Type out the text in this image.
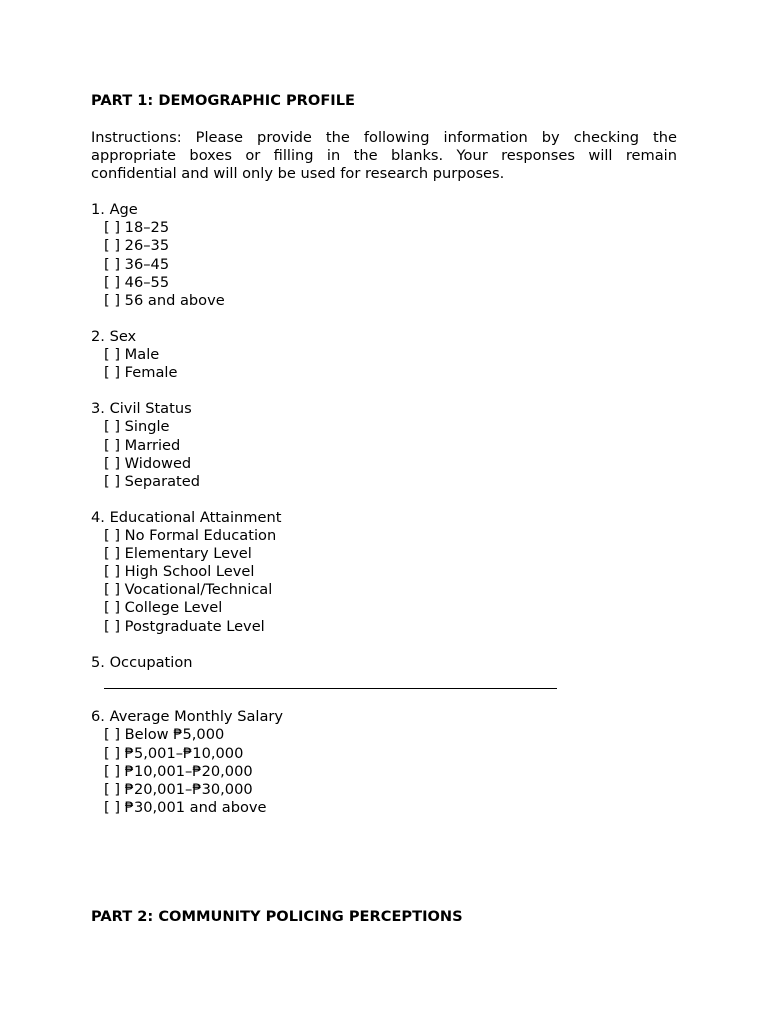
PART 1: DEMOGRAPHIC PROFILE
Instructions: Please provide the following information by checking the
appropriate boxes or filling in the blanks. Your responses will remain
confidential and will only be used for research purposes.
1. Age
[ ] 18–25
[ ] 26–35
[ ] 36–45
[ ] 46–55
[ ] 56 and above
2. Sex
[ ] Male
[ ] Female
3. Civil Status
[ ] Single
[ ] Married
[ ] Widowed
[ ] Separated
4. Educational Attainment
[ ] No Formal Education
[ ] Elementary Level
[ ] High School Level
[ ] Vocational/Technical
[ ] College Level
[ ] Postgraduate Level
5. Occupation
6. Average Monthly Salary
[ ] Below ₱5,000
[ ] ₱5,001–₱10,000
[ ] ₱10,001–₱20,000
[ ] ₱20,001–₱30,000
[ ] ₱30,001 and above
PART 2: COMMUNITY POLICING PERCEPTIONS
